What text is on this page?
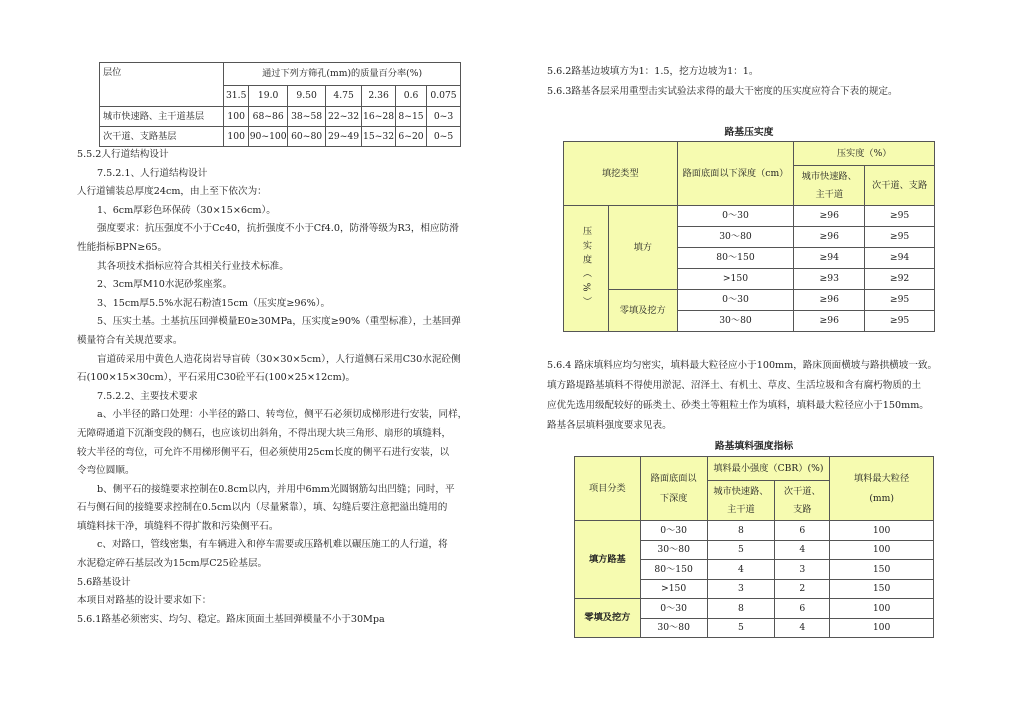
层位	通过下列方筛孔(mm)的质量百分率(%)						
	31.5	19.0	9.50	4.75	2.36	0.6	0.075
城市快速路、主干道基层	100	68~86	38~58	22~32	16~28	8~15	0~3
次干道、支路基层	100	90~100	60~80	29~49	15~32	6~20	0~5
5.5.2人行道结构设计
7.5.2.1、人行道结构设计
人行道铺装总厚度24cm，由上至下依次为：
1、6cm厚彩色环保砖（30×15×6cm）。
强度要求：抗压强度不小于Cc40，抗折强度不小于Cf4.0，防滑等级为R3，相应防滑
性能指标BPN≥65。
其各项技术指标应符合其相关行业技术标准。
2、3cm厚M10水泥砂浆座浆。
3、15cm厚5.5%水泥石粉渣15cm（压实度≥96%）。
5、压实土基。土基抗压回弹模量E0≥30MPa，压实度≥90%（重型标准），土基回弹
模量符合有关规范要求。
盲道砖采用中黄色人造花岗岩导盲砖（30×30×5cm），人行道侧石采用C30水泥砼侧
石(100×15×30cm），平石采用C30砼平石(100×25×12cm)。
7.5.2.2、主要技术要求
a、小半径的路口处理：小半径的路口、转弯位，侧平石必须切成梯形进行安装，同样，
无障碍通道下沉渐变段的侧石，也应该切出斜角，不得出现大块三角形、扇形的填缝料，
较大半径的弯位，可允许不用梯形侧平石，但必须使用25cm长度的侧平石进行安装，以
令弯位圆顺。
b、侧平石的接缝要求控制在0.8cm以内，并用中6mm光圆钢筋勾出凹缝；同时，平
石与侧石间的接缝要求控制在0.5cm以内（尽量紧靠），填、勾缝后要注意把溢出缝用的
填缝料抹干净，填缝料不得扩散和污染侧平石。
c、对路口，管线密集，有车辆进入和停车需要或压路机难以碾压施工的人行道，将
水泥稳定碎石基层改为15cm厚C25砼基层。
5.6路基设计
本项目对路基的设计要求如下：
5.6.1路基必须密实、均匀、稳定。路床顶面土基回弹模量不小于30Mpa
5.6.2路基边坡填方为1：1.5，挖方边坡为1：1。
5.6.3路基各层采用重型击实试验法求得的最大干密度的压实度应符合下表的规定。
路基压实度
填挖类型		路面底面以下深度（cm）	压实度（%）	
			城市快速路、主干道	次干道、支路
压实度（%）	填方	0～30	≥96	≥95
		30～80	≥96	≥95
		80～150	≥94	≥94
		>150	≥93	≥92
	零填及挖方	0～30	≥96	≥95
		30～80	≥96	≥95
5.6.4 路床填料应均匀密实，填料最大粒径应小于100mm，路床顶面横坡与路拱横坡一致。
填方路堤路基填料不得使用淤泥、沼泽土、有机土、草皮、生活垃圾和含有腐朽物质的土
应优先选用级配较好的砾类土、砂类土等粗粒土作为填料，填料最大粒径应小于150mm。
路基各层填料强度要求见表。
路基填料强度指标
项目分类	路面底面以下深度	填料最小强度（CBR）(%)		填料最大粒径(mm)
		城市快速路、主干道	次干道、支路	
填方路基	0～30	8	6	100
	30～80	5	4	100
	80～150	4	3	150
	>150	3	2	150
零填及挖方	0～30	8	6	100
	30～80	5	4	100
